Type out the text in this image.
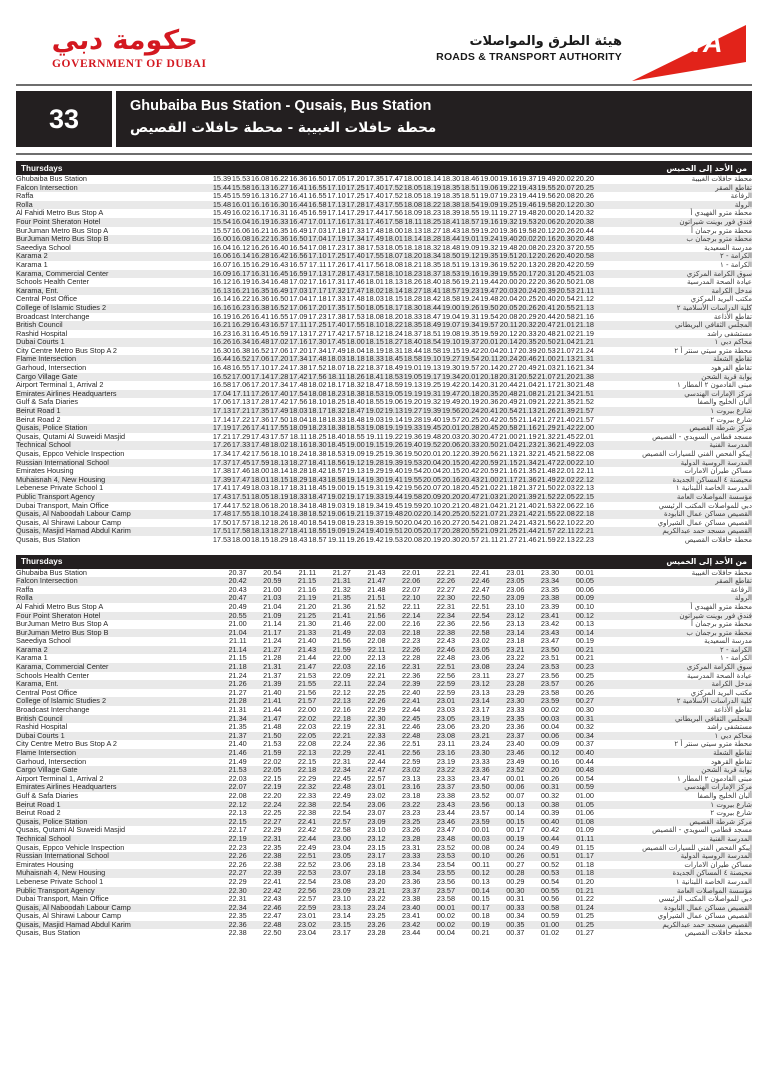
حكومة دبي
GOVERNMENT OF DUBAI
هيئة الطرق والمواصلات
ROADS & TRANSPORT AUTHORITY RTA
33	Ghubaiba Bus Station - Qusais, Bus Station
محطة حافلات الغبيبة - محطة حافلات القصيص
Thursdays	من الأحد إلى الخميس
Ghubaiba Bus Station	15.39	15.53	16.08	16.22	16.36	16.50	17.05	17.20	17.35	17.47	18.00	18.14	18.30	18.46	19.00	19.16	19.37	19.49	20.02	20.20		محطة حافلات الغبيبة
Falcon Intersection	15.44	15.58	16.13	16.27	16.41	16.55	17.10	17.25	17.40	17.52	18.05	18.19	18.35	18.51	19.06	19.22	19.43	19.55	20.07	20.25		تقاطع الصقر
Raffa	15.45	15.59	16.13	16.27	16.41	16.55	17.10	17.25	17.40	17.52	18.05	18.19	18.35	18.51	19.07	19.23	19.44	19.56	20.08	20.26		الرفاعة
Rolla	15.48	16.01	16.16	16.30	16.44	16.58	17.13	17.28	17.43	17.55	18.08	18.22	18.38	18.54	19.09	19.25	19.46	19.58	20.12	20.30		الرولة
Al Fahidi Metro Bus Stop A	15.49	16.02	16.17	16.31	16.45	16.59	17.14	17.29	17.44	17.56	18.09	18.23	18.39	18.55	19.11	19.27	19.48	20.00	20.14	20.32		محطة مترو الفهيدي أ
Four Point Sheraton Hotel	15.54	16.04	16.19	16.33	16.47	17.01	17.16	17.31	17.46	17.58	18.11	18.25	18.41	18.57	19.16	19.32	19.53	20.06	20.20	20.38		فندق فور بوينت شيراتون
BurJuman Metro Bus Stop A	15.57	16.06	16.21	16.35	16.49	17.03	17.18	17.33	17.48	18.00	18.13	18.27	18.43	18.59	19.20	19.36	19.58	20.12	20.26	20.44		محطة مترو برجمان أ
BurJuman Metro Bus Stop B	16.00	16.08	16.22	16.36	16.50	17.04	17.19	17.34	17.49	18.01	18.14	18.28	18.44	19.01	19.24	19.40	20.02	20.16	20.30	20.48		محطة مترو برجمان ب
Saeediya School	16.04	16.12	16.26	16.40	16.54	17.08	17.23	17.38	17.53	18.05	18.18	18.32	18.48	19.09	19.32	19.48	20.08	20.23	20.37	20.55		مدرسة السعيدية
Karama 2	16.06	16.14	16.28	16.42	16.56	17.10	17.25	17.40	17.55	18.07	18.20	18.34	18.50	19.12	19.35	19.51	20.12	20.26	20.40	20.58		الكرامة - ٢
Karama 1	16.07	16.15	16.29	16.43	16.57	17.11	17.26	17.41	17.56	18.08	18.21	18.35	18.51	19.13	19.36	19.52	20.13	20.28	20.42	20.59		الكرامة - ١
Karama, Commercial Center	16.09	16.17	16.31	16.45	16.59	17.13	17.28	17.43	17.58	18.10	18.23	18.37	18.53	19.16	19.39	19.55	20.17	20.31	20.45	21.03		سوق الكرامة المركزي
Schools Health Center	16.12	16.19	16.34	16.48	17.02	17.16	17.31	17.46	18.01	18.13	18.26	18.40	18.56	19.21	19.44	20.00	20.22	20.36	20.50	21.08		عيادة الصحة المدرسية
Karama, Ent.	16.13	16.21	16.35	16.49	17.03	17.17	17.32	17.47	18.02	18.14	18.27	18.41	18.57	19.23	19.47	20.03	20.24	20.39	20.53	21.11		مدخل الكرامة
Central Post Office	16.14	16.22	16.36	16.50	17.04	17.18	17.33	17.48	18.03	18.15	18.28	18.42	18.58	19.24	19.48	20.04	20.25	20.40	20.54	21.12		مكتب البريد المركزي
College of Islamic Studies 2	16.16	16.23	16.38	16.52	17.06	17.20	17.35	17.50	18.05	18.17	18.30	18.44	19.00	19.26	19.50	20.05	20.26	20.41	20.55	21.13		كلية الدراسات الأسلامية ٢
Broadcast Interchange	16.19	16.26	16.41	16.55	17.09	17.23	17.38	17.53	18.08	18.20	18.33	18.47	19.04	19.31	19.54	20.08	20.29	20.44	20.58	21.16		تقاطع الأذاعة
British Council	16.21	16.29	16.43	16.57	17.11	17.25	17.40	17.55	18.10	18.22	18.35	18.49	19.07	19.34	19.57	20.11	20.32	20.47	21.01	21.18		المجلس الثقافي البريطاني
Rashid Hospital	16.23	16.31	16.45	16.59	17.13	17.27	17.42	17.57	18.12	18.24	18.37	18.51	19.08	19.35	19.59	20.12	20.33	20.48	21.02	21.19		مستشفى راشد
Dubai Courts 1	16.26	16.34	16.48	17.02	17.16	17.30	17.45	18.00	18.15	18.27	18.40	18.54	19.10	19.37	20.01	20.14	20.35	20.50	21.04	21.21		محاكم دبي ١
City Centre Metro Bus Stop A 2	16.30	16.38	16.52	17.06	17.20	17.34	17.49	18.04	18.19	18.31	18.44	18.58	19.15	19.42	20.04	20.17	20.39	20.53	21.07	21.24		محطة مترو سيتي سنتر أ ٢
Flame Intersection	16.44	16.52	17.06	17.20	17.34	17.48	18.03	18.18	18.33	18.45	18.58	19.10	19.27	19.54	20.11	20.24	20.46	21.00	21.13	21.31		تقاطع الشعلة
Garhoud, Intersection	16.48	16.55	17.10	17.24	17.38	17.52	18.07	18.22	18.37	18.49	19.01	19.13	19.30	19.57	20.14	20.27	20.49	21.03	21.16	21.34		تقاطع القرهود
Cargo Village Gate	16.52	17.00	17.14	17.28	17.42	17.56	18.11	18.26	18.41	18.53	19.05	19.17	19.34	20.01	20.18	20.31	20.52	21.07	21.20	21.38		بوابة قرية الشحن
Airport Terminal 1, Arrival 2	16.58	17.06	17.20	17.34	17.48	18.02	18.17	18.32	18.47	18.59	19.13	19.25	19.42	20.14	20.31	20.44	21.04	21.17	21.30	21.48		مبنى القادمون ٢ المطار ١
Emirates Airlines Headquarters	17.04	17.11	17.26	17.40	17.54	18.08	18.23	18.38	18.53	19.05	19.19	19.31	19.47	20.18	20.35	20.48	21.08	21.21	21.34	21.51		مركز الإمارات الهندسي
Gulf & Safa Diaries	17.06	17.13	17.28	17.42	17.56	18.10	18.25	18.40	18.55	19.06	19.20	19.32	19.49	20.19	20.36	20.49	21.09	21.22	21.35	21.52		ألبان الخليج والصفا
Beirut Road 1	17.13	17.21	17.35	17.49	18.03	18.17	18.32	18.47	19.02	19.13	19.27	19.39	19.56	20.24	20.41	20.54	21.13	21.26	21.39	21.57		شارع بيروت ١
Beirut Road 2	17.14	17.22	17.36	17.50	18.04	18.18	18.33	18.48	19.03	19.14	19.28	19.40	19.57	20.25	20.42	20.55	21.14	21.27	21.40	21.57		شارع بيروت ٢
Qusais, Police Station	17.19	17.26	17.41	17.55	18.09	18.23	18.38	18.53	19.08	19.19	19.33	19.45	20.01	20.28	20.45	20.58	21.16	21.29	21.42	22.00		مركز شرطة القصيص
Qusais, Qutami Al Suweidi Masjid	17.21	17.29	17.43	17.57	18.11	18.25	18.40	18.55	19.11	19.22	19.36	19.48	20.03	20.30	20.47	21.00	21.19	21.32	21.45	22.01		مسجد قطامي السويدي - القصيص
Technical School	17.26	17.33	17.48	18.02	18.16	18.30	18.45	19.00	19.15	19.26	19.40	19.52	20.06	20.33	20.50	21.04	21.23	21.36	21.49	22.03		المدرسة الفنية
Qusais, Eppco Vehicle Inspection	17.34	17.42	17.56	18.10	18.24	18.38	18.53	19.09	19.25	19.36	19.50	20.01	20.12	20.39	20.56	21.13	21.32	21.45	21.58	22.08		إيبكو الفحص الفني للسيارات القصيص
Russian International School	17.37	17.45	17.59	18.13	18.27	18.41	18.56	19.12	19.28	19.39	19.53	20.04	20.15	20.42	20.59	21.15	21.34	21.47	22.00	22.10		المدرسة الروسية الدولية
Emirates Housing	17.38	17.46	18.00	18.14	18.28	18.42	18.57	19.13	19.29	19.40	19.54	20.04	20.15	20.42	20.59	21.16	21.35	21.48	22.01	22.11		مساكن طيران الامارات
Muhaisnah 4, New Housing	17.39	17.47	18.01	18.15	18.29	18.43	18.58	19.14	19.30	19.41	19.55	20.05	20.16	20.43	21.00	21.17	21.36	21.49	22.02	22.12		محيصنة ٤ المساكن الجديدة
Lebenese Private School 1	17.41	17.49	18.03	18.17	18.31	18.45	19.00	19.15	19.31	19.42	19.56	20.07	20.18	20.45	21.02	21.18	21.37	21.50	22.03	22.13		المدرسة الخاصة اللبنانية ١
Public Transport Agency	17.43	17.51	18.05	18.19	18.33	18.47	19.02	19.17	19.33	19.44	19.58	20.09	20.20	20.47	21.03	21.20	21.39	21.52	22.05	22.15		مؤسسة المواصلات العامة
Dubai Transport, Main Office	17.44	17.52	18.06	18.20	18.34	18.48	19.03	19.18	19.34	19.45	19.59	20.10	20.21	20.48	21.04	21.21	21.40	21.53	22.06	22.16		دبي للمواصلات المكتب الرئيسي
Qusais, Al Naboodah Labour Camp	17.48	17.55	18.10	18.24	18.38	18.52	19.06	19.21	19.37	19.48	20.02	20.14	20.25	20.52	21.07	21.23	21.42	21.55	22.08	22.18		القصيص مساكن عمال النابودة
Qusais, Al Shirawi Labour Camp	17.50	17.57	18.12	18.26	18.40	18.54	19.08	19.23	19.39	19.50	20.04	20.16	20.27	20.54	21.08	21.24	21.43	21.56	22.10	22.20		القصيص مساكن عمال الشيراوي
Qusais, Masjid Hamad Abdul Karim	17.51	17.58	18.13	18.27	18.41	18.55	19.09	19.24	19.40	19.51	20.05	20.17	20.28	20.55	21.09	21.25	21.44	21.57	22.11	22.21		القصيص مسجد حمد عبدالكريم
Qusais, Bus Station	17.53	18.00	18.15	18.29	18.43	18.57	19.11	19.26	19.42	19.53	20.08	20.19	20.30	20.57	21.11	21.27	21.46	21.59	22.13	22.23		محطة حافلات القصيص
Thursdays	من الأحد إلى الخميس
Ghubaiba Bus Station	20.37	20.54	21.11	21.27	21.43	22.01	22.21	22.41	23.01	23.30	00.01		محطة حافلات الغبيبة
Falcon Intersection	20.42	20.59	21.15	21.31	21.47	22.06	22.26	22.46	23.05	23.34	00.05		تقاطع الصقر
Raffa	20.43	21.00	21.16	21.32	21.48	22.07	22.27	22.47	23.06	23.35	00.06		الرفاعة
Rolla	20.47	21.03	21.19	21.35	21.51	22.10	22.30	22.50	23.09	23.38	00.09		الرولة
Al Fahidi Metro Bus Stop A	20.49	21.04	21.20	21.36	21.52	22.11	22.31	22.51	23.10	23.39	00.10		محطة مترو الفهيدي أ
Four Point Sheraton Hotel	20.55	21.09	21.25	21.41	21.56	22.14	22.34	22.54	23.12	23.41	00.12		فندق فور بوينت شيراتون
BurJuman Metro Bus Stop A	21.00	21.14	21.30	21.46	22.00	22.16	22.36	22.56	23.13	23.42	00.13		محطة مترو برجمان أ
BurJuman Metro Bus Stop B	21.04	21.17	21.33	21.49	22.03	22.18	22.38	22.58	23.14	23.43	00.14		محطة مترو برجمان ب
Saeediya School	21.11	21.24	21.40	21.56	22.08	22.23	22.43	23.02	23.18	23.47	00.19		مدرسة السعيدية
Karama 2	21.14	21.27	21.43	21.59	22.11	22.26	22.46	23.05	23.21	23.50	00.21		الكرامة - ٢
Karama 1	21.15	21.28	21.44	22.00	22.13	22.28	22.48	23.06	23.22	23.51	00.21		الكرامة - ١
Karama, Commercial Center	21.18	21.31	21.47	22.03	22.16	22.31	22.51	23.08	23.24	23.53	00.23		سوق الكرامة المركزي
Schools Health Center	21.24	21.37	21.53	22.09	22.21	22.36	22.56	23.11	23.27	23.56	00.25		عيادة الصحة المدرسية
Karama, Ent.	21.26	21.39	21.55	22.11	22.24	22.39	22.59	23.12	23.28	23.57	00.26		مدخل الكرامة
Central Post Office	21.27	21.40	21.56	22.12	22.25	22.40	22.59	23.13	23.29	23.58	00.26		مكتب البريد المركزي
College of Islamic Studies 2	21.28	21.41	21.57	22.13	22.26	22.41	23.01	23.14	23.30	23.59	00.27		كلية الدراسات الأسلامية ٢
Broadcast Interchange	21.31	21.44	22.00	22.16	22.29	22.44	23.03	23.17	23.33	00.02	00.30		تقاطع الأذاعة
British Council	21.34	21.47	22.02	22.18	22.30	22.45	23.05	23.19	23.35	00.03	00.31		المجلس الثقافي البريطاني
Rashid Hospital	21.35	21.48	22.03	22.19	22.31	22.46	23.06	23.20	23.36	00.04	00.32		مستشفى راشد
Dubai Courts 1	21.37	21.50	22.05	22.21	22.33	22.48	23.08	23.21	23.37	00.06	00.34		محاكم دبي ١
City Centre Metro Bus Stop A 2	21.40	21.53	22.08	22.24	22.36	22.51	23.11	23.24	23.40	00.09	00.37		محطة مترو سيتي سنتر أ ٢
Flame Intersection	21.46	21.59	22.13	22.29	22.41	22.56	23.16	23.30	23.46	00.12	00.40		تقاطع الشعلة
Garhoud, Intersection	21.49	22.02	22.15	22.31	22.44	22.59	23.19	23.33	23.49	00.16	00.44		تقاطع القرهود
Cargo Village Gate	21.53	22.05	22.18	22.34	22.47	23.02	23.22	23.36	23.52	00.20	00.48		بوابة قرية الشحن
Airport Terminal 1, Arrival 2	22.03	22.15	22.29	22.45	22.57	23.13	23.33	23.47	00.01	00.26	00.54		مبنى القادمون ٢ المطار ١
Emirates Airlines Headquarters	22.07	22.19	22.32	22.48	23.01	23.16	23.37	23.50	00.06	00.31	00.59		مركز الإمارات الهندسي
Gulf & Safa Diaries	22.08	22.20	22.33	22.49	23.02	23.18	23.38	23.52	00.07	00.32	01.00		ألبان الخليج والصفا
Beirut Road 1	22.12	22.24	22.38	22.54	23.06	23.22	23.43	23.56	00.13	00.38	01.05		شارع بيروت ١
Beirut Road 2	22.13	22.25	22.38	22.54	23.07	23.23	23.44	23.57	00.14	00.39	01.06		شارع بيروت ٢
Qusais, Police Station	22.15	22.27	22.41	22.57	23.09	23.25	23.46	23.59	00.15	00.40	01.08		مركز شرطة القصيص
Qusais, Qutami Al Suweidi Masjid	22.17	22.29	22.42	22.58	23.10	23.26	23.47	00.01	00.17	00.42	01.09		مسجد قطامي السويدي - القصيص
Technical School	22.19	22.31	22.44	23.00	23.12	23.28	23.48	00.03	00.19	00.44	01.11		المدرسة الفنية
Qusais, Eppco Vehicle Inspection	22.23	22.35	22.49	23.04	23.15	23.31	23.52	00.08	00.24	00.49	01.15		إيبكو الفحص الفني للسيارات القصيص
Russian International School	22.26	22.38	22.51	23.05	23.17	23.33	23.53	00.10	00.26	00.51	01.17		المدرسة الروسية الدولية
Emirates Housing	22.26	22.38	22.52	23.06	23.18	23.34	23.54	00.11	00.27	00.52	01.18		مساكن طيران الامارات
Muhaisnah 4, New Housing	22.27	22.39	22.53	23.07	23.18	23.34	23.55	00.12	00.28	00.53	01.18		محيصنة ٤ المساكن الجديدة
Lebenese Private School 1	22.29	22.41	22.54	23.08	23.20	23.36	23.56	00.13	00.29	00.54	01.20		المدرسة الخاصة اللبنانية ١
Public Transport Agency	22.30	22.42	22.56	23.09	23.21	23.37	23.57	00.14	00.30	00.55	01.21		مؤسسة المواصلات العامة
Dubai Transport, Main Office	22.31	22.43	22.57	23.10	23.22	23.38	23.58	00.15	00.31	00.56	01.22		دبي للمواصلات المكتب الرئيسي
Qusais, Al Naboodah Labour Camp	22.34	22.46	22.59	23.13	23.24	23.40	00.01	00.17	00.33	00.58	01.24		القصيص مساكن عمال النابودة
Qusais, Al Shirawi Labour Camp	22.35	22.47	23.01	23.14	23.25	23.41	00.02	00.18	00.34	00.59	01.25		القصيص مساكن عمال الشيراوي
Qusais, Masjid Hamad Abdul Karim	22.36	22.48	23.02	23.15	23.26	23.42	00.02	00.19	00.35	01.00	01.25		القصيص مسجد حمد عبدالكريم
Qusais, Bus Station	22.38	22.50	23.04	23.17	23.28	23.44	00.04	00.21	00.37	01.02	01.27		محطة حافلات القصيص
